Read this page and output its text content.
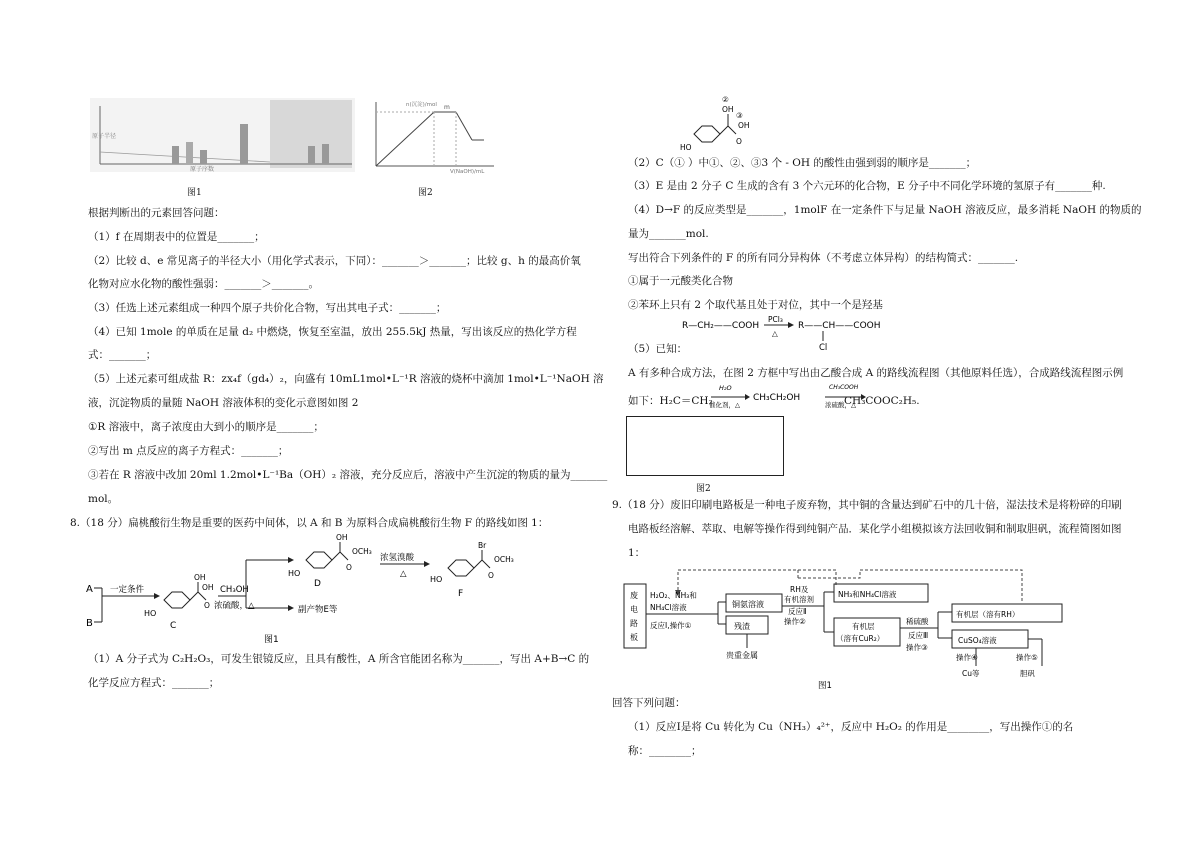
原子半径
原子序数
图1
m
n(沉淀)/mol
V(NaOH)/mL
图2
根据判断出的元素回答问题：
（1）f 在周期表中的位置是_______；
（2）比较 d、e 常见离子的半径大小（用化学式表示，下同）：_______＞_______；比较 g、h 的最高价氧
化物对应水化物的酸性强弱：_______＞_______。
（3）任选上述元素组成一种四个原子共价化合物，写出其电子式：_______；
（4）已知 1mole 的单质在足量 d₂ 中燃烧，恢复至室温，放出 255.5kJ 热量，写出该反应的热化学方程
式：_______；
（5）上述元素可组成盐 R：zx₄f（gd₄）₂，向盛有 10mL1mol•L⁻¹R 溶液的烧杯中滴加 1mol•L⁻¹NaOH 溶
液，沉淀物质的量随 NaOH 溶液体积的变化示意图如图 2
①R 溶液中，离子浓度由大到小的顺序是_______；
②写出 m 点反应的离子方程式：_______；
③若在 R 溶液中改加 20ml 1.2mol•L⁻¹Ba（OH）₂ 溶液，充分反应后，溶液中产生沉淀的物质的量为_______
mol。
8.（18 分）扁桃酸衍生物是重要的医药中间体，以 A 和 B 为原料合成扁桃酸衍生物 F 的路线如图 1：
A
B
一定条件
HO
OH
OH
O
C
CH₃OH
浓硫酸，△	副产物E等
HO
OH
O
OCH₃
D
浓氢溴酸
△
HO
Br
O
OCH₃
F
图1
（1）A 分子式为 C₂H₂O₃，可发生银镜反应，且具有酸性，A 所含官能团名称为_______，写出 A+B→C 的
化学反应方程式：_______；
HO
②
OH
③
OH
O
（2）C（① ）中①、②、③3 个 - OH 的酸性由强到弱的顺序是_______；
（3）E 是由 2 分子 C 生成的含有 3 个六元环的化合物，E 分子中不同化学环境的氢原子有_______种.
（4）D→F 的反应类型是_______，1molF 在一定条件下与足量 NaOH 溶液反应，最多消耗 NaOH 的物质的
量为_______mol.
写出符合下列条件的 F 的所有同分异构体（不考虑立体异构）的结构简式：_______.
①属于一元酸类化合物
②苯环上只有 2 个取代基且处于对位，其中一个是羟基
R—CH₂——COOH
PCl₃
△
R——CH——COOH
Cl
（5）已知：
A 有多种合成方法，在图 2 方框中写出由乙酸合成 A 的路线流程图（其他原料任选），合成路线流程图示例
如下：H₂C＝CH₂
H₂O
催化剂，△
CH₃CH₂OH
CH₃COOH
浓硫酸，△
CH₃COOC₂H₅.
图2
9.（18 分）废旧印刷电路板是一种电子废弃物，其中铜的含量达到矿石中的几十倍，湿法技术是将粉碎的印刷
电路板经溶解、萃取、电解等操作得到纯铜产品．某化学小组模拟该方法回收铜和制取胆矾，流程简图如图
1：
废
电
路
板
H₂O₂、NH₃和
NH₄Cl溶液
反应Ⅰ,操作①
铜氨溶液
残渣
贵重金属
RH及
有机溶剂
反应Ⅱ
操作②
NH₃和NH₄Cl溶液
有机层
（溶有CuR₂）
稀硫酸
反应Ⅲ
操作③
有机层（溶有RH）
CuSO₄溶液
操作④
Cu等
操作⑤
胆矾
图1
回答下列问题：
（1）反应Ⅰ是将 Cu 转化为 Cu（NH₃）₄²⁺，反应中 H₂O₂ 的作用是________，写出操作①的名
称：________；
